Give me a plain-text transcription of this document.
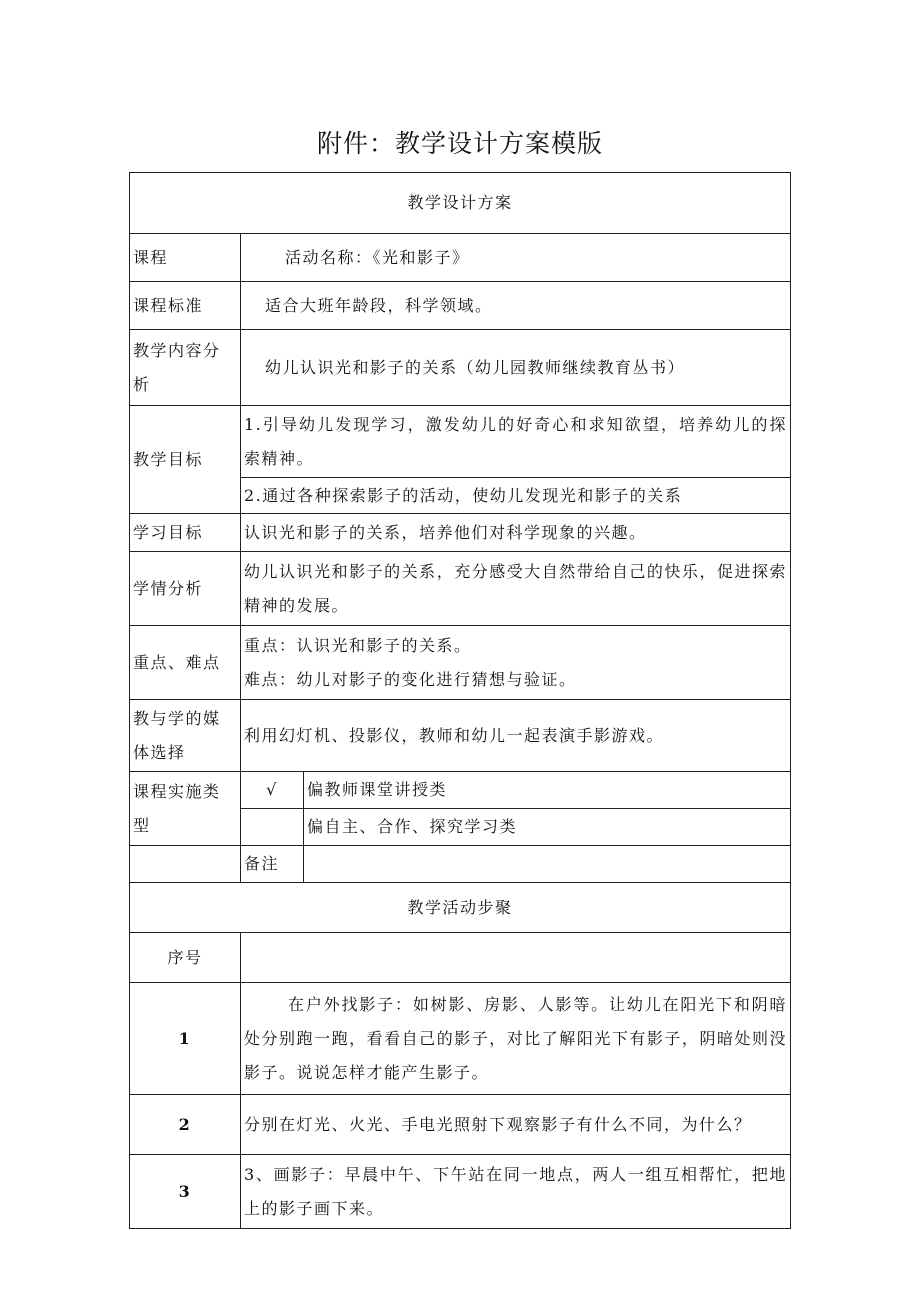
附件：教学设计方案模版
教学设计方案		
课程	活动名称：《光和影子》	
课程标准	适合大班年龄段，科学领域。	
教学内容分析	幼儿认识光和影子的关系（幼儿园教师继续教育丛书）	
教学目标	1.引导幼儿发现学习，激发幼儿的好奇心和求知欲望，培养幼儿的探索精神。	
	2.通过各种探索影子的活动，使幼儿发现光和影子的关系	
学习目标	认识光和影子的关系，培养他们对科学现象的兴趣。	
学情分析	幼儿认识光和影子的关系，充分感受大自然带给自己的快乐，促进探索精神的发展。	
重点、难点	重点：认识光和影子的关系。
难点：幼儿对影子的变化进行猜想与验证。	

教与学的媒体选择	利用幻灯机、投影仪，教师和幼儿一起表演手影游戏。	
课程实施类型	√	偏教师课堂讲授类
		偏自主、合作、探究学习类
	备注	
教学活动步聚		
序号		
1	在户外找影子：如树影、房影、人影等。让幼儿在阳光下和阴暗处分别跑一跑，看看自己的影子，对比了解阳光下有影子，阴暗处则没影子。说说怎样才能产生影子。	
2	分别在灯光、火光、手电光照射下观察影子有什么不同，为什么？	
3	3、画影子：早晨中午、下午站在同一地点，两人一组互相帮忙，把地上的影子画下来。	
